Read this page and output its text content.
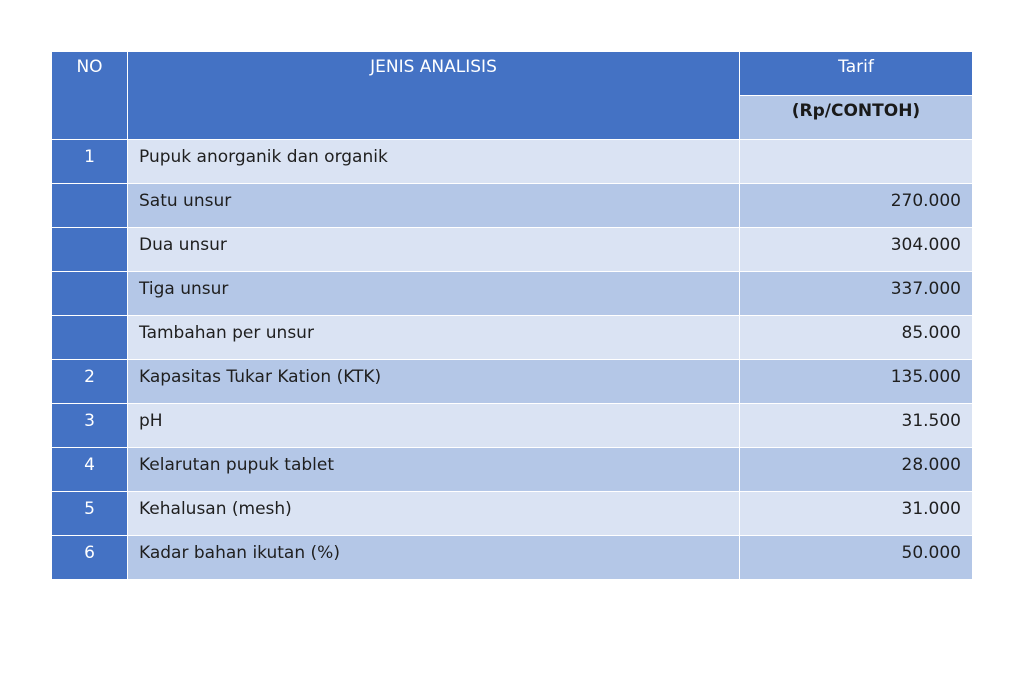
NO	JENIS ANALISIS	Tarif
		(Rp/CONTOH)
1	Pupuk anorganik dan organik	
	Satu unsur	270.000
	Dua unsur	304.000
	Tiga unsur	337.000
	Tambahan per unsur	85.000
2	Kapasitas Tukar Kation (KTK)	135.000
3	pH	31.500
4	Kelarutan pupuk tablet	28.000
5	Kehalusan (mesh)	31.000
6	Kadar bahan ikutan (%)	50.000
